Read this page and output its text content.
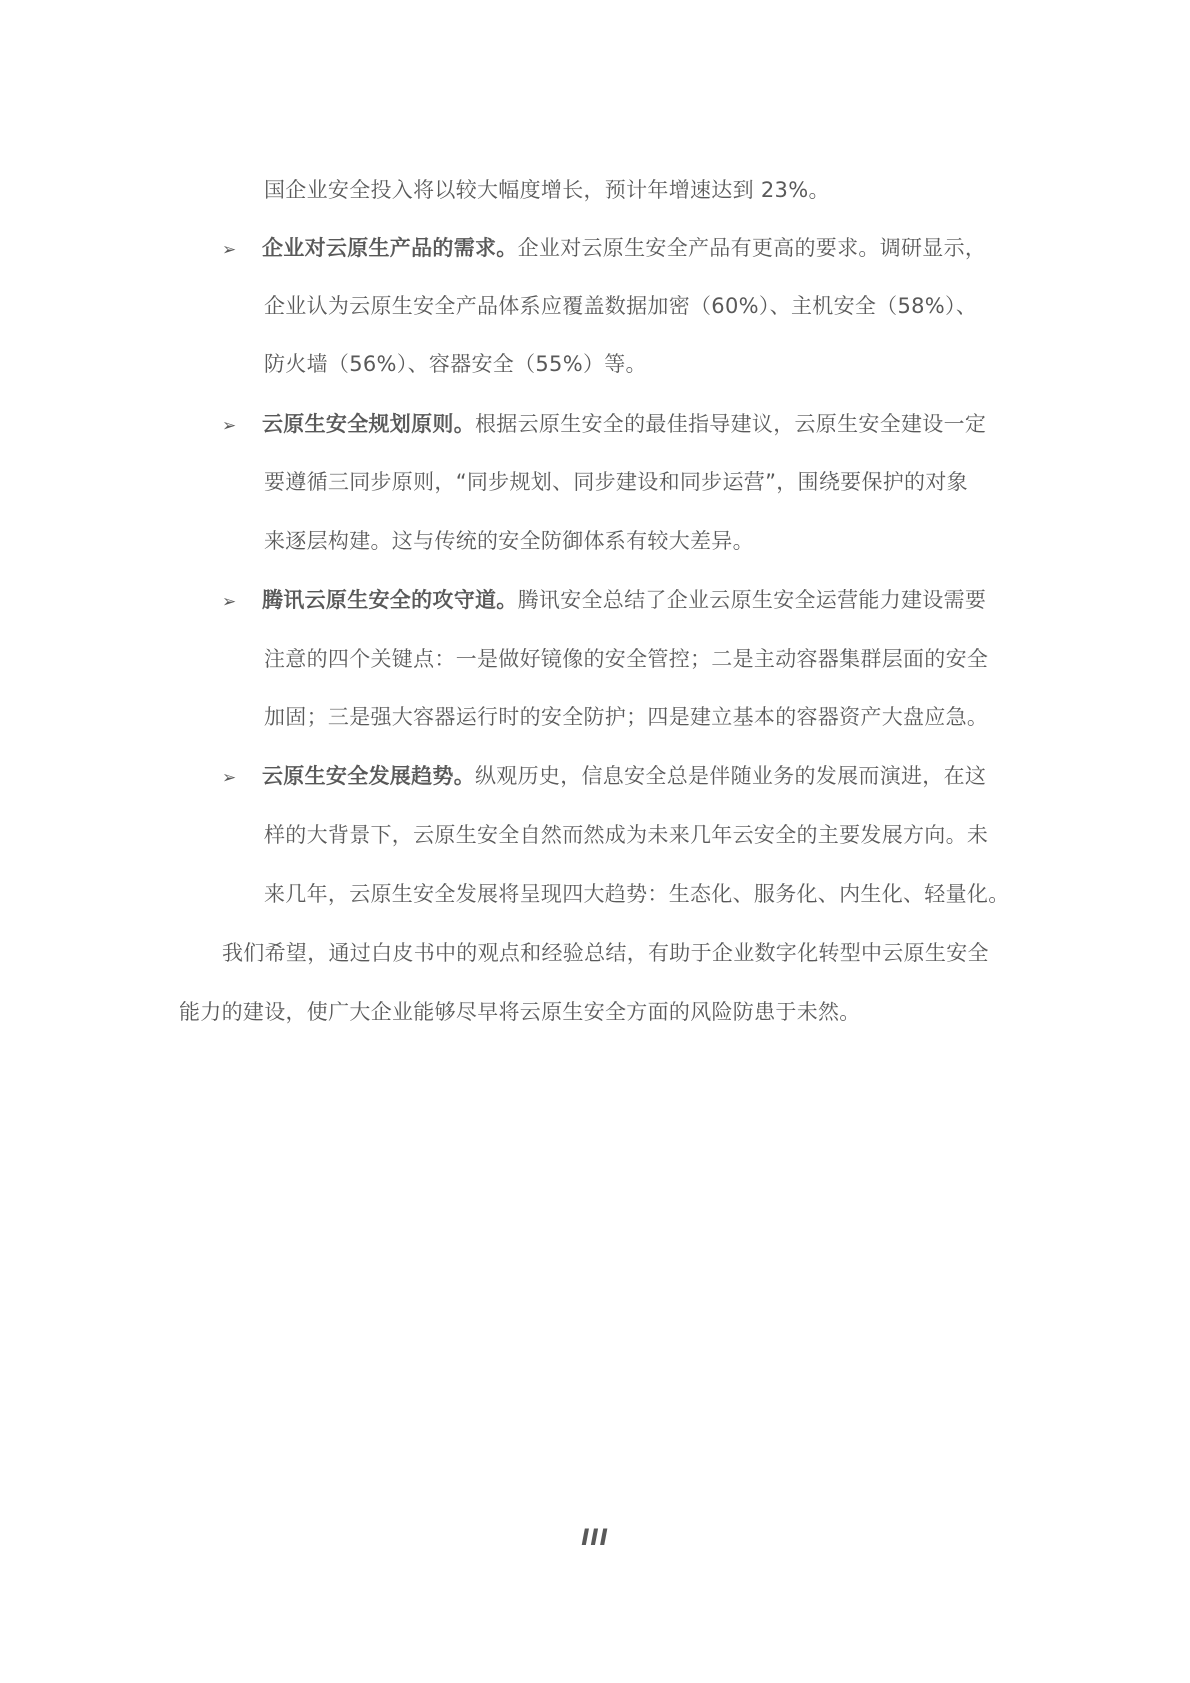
国企业安全投入将以较大幅度增长，预计年增速达到 23%。
➢ 企业对云原生产品的需求。企业对云原生安全产品有更高的要求。调研显示，
企业认为云原生安全产品体系应覆盖数据加密（60%）、主机安全（58%）、
防火墙（56%）、容器安全（55%）等。
➢ 云原生安全规划原则。根据云原生安全的最佳指导建议，云原生安全建设一定
要遵循三同步原则，“同步规划、同步建设和同步运营”，围绕要保护的对象
来逐层构建。这与传统的安全防御体系有较大差异。
➢ 腾讯云原生安全的攻守道。腾讯安全总结了企业云原生安全运营能力建设需要
注意的四个关键点：一是做好镜像的安全管控；二是主动容器集群层面的安全
加固；三是强大容器运行时的安全防护；四是建立基本的容器资产大盘应急。
➢ 云原生安全发展趋势。纵观历史，信息安全总是伴随业务的发展而演进，在这
样的大背景下，云原生安全自然而然成为未来几年云安全的主要发展方向。未
来几年，云原生安全发展将呈现四大趋势：生态化、服务化、内生化、轻量化。
我们希望，通过白皮书中的观点和经验总结，有助于企业数字化转型中云原生安全
能力的建设，使广大企业能够尽早将云原生安全方面的风险防患于未然。
III
